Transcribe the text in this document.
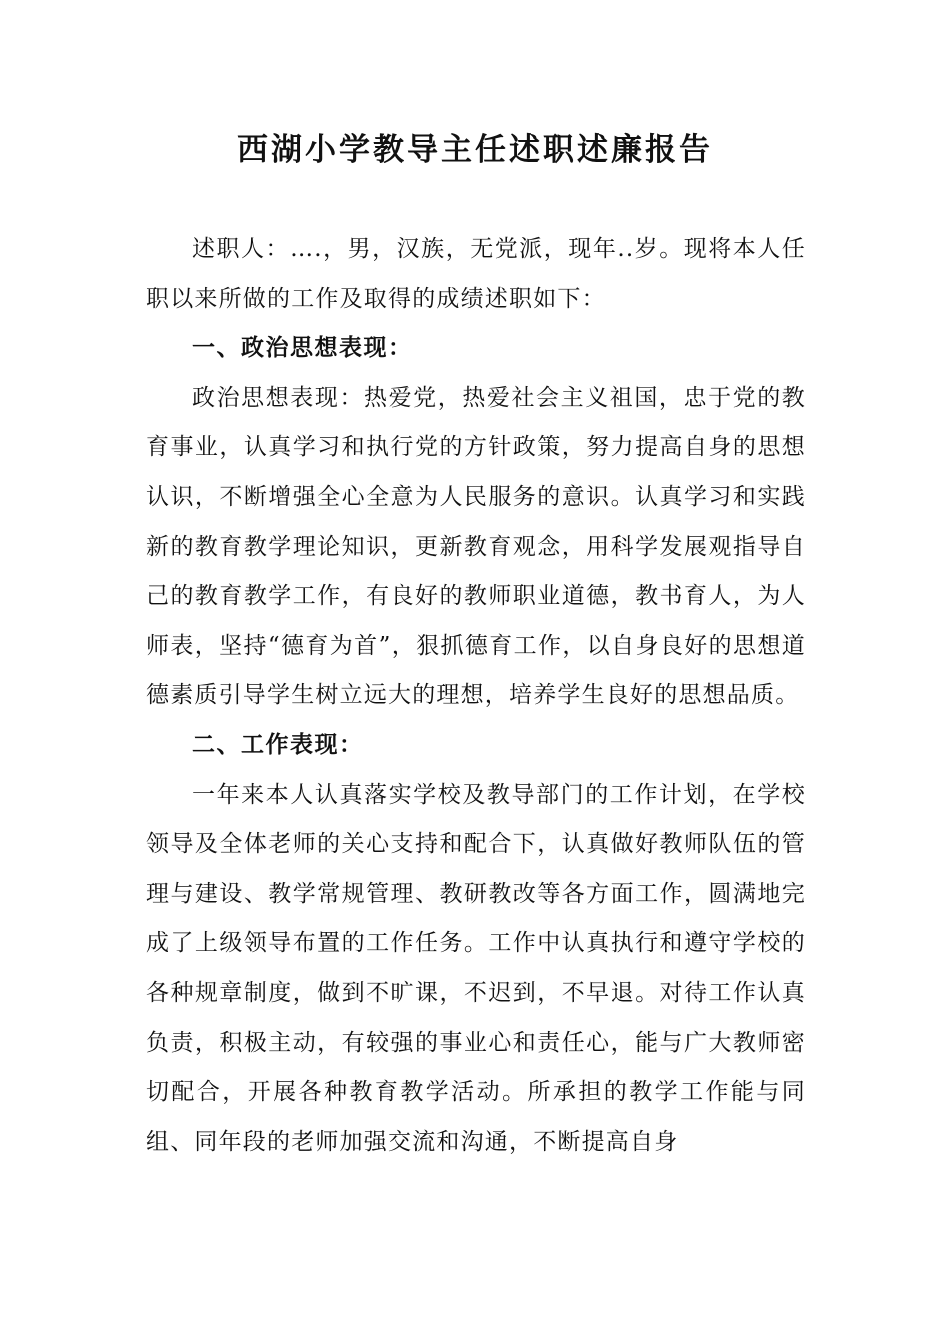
西湖小学教导主任述职述廉报告

述职人：….，男，汉族，无党派，现年..岁。现将本人任职以来所做的工作及取得的成绩述职如下：

一、政治思想表现：

政治思想表现：热爱党，热爱社会主义祖国，忠于党的教育事业，认真学习和执行党的方针政策，努力提高自身的思想认识，不断增强全心全意为人民服务的意识。认真学习和实践新的教育教学理论知识，更新教育观念，用科学发展观指导自己的教育教学工作，有良好的教师职业道德，教书育人，为人师表，坚持“德育为首”，狠抓德育工作，以自身良好的思想道德素质引导学生树立远大的理想，培养学生良好的思想品质。

二、工作表现：

一年来本人认真落实学校及教导部门的工作计划，在学校领导及全体老师的关心支持和配合下，认真做好教师队伍的管理与建设、教学常规管理、教研教改等各方面工作，圆满地完成了上级领导布置的工作任务。工作中认真执行和遵守学校的各种规章制度，做到不旷课，不迟到，不早退。对待工作认真负责，积极主动，有较强的事业心和责任心，能与广大教师密切配合，开展各种教育教学活动。所承担的教学工作能与同组、同年段的老师加强交流和沟通，不断提高自身
